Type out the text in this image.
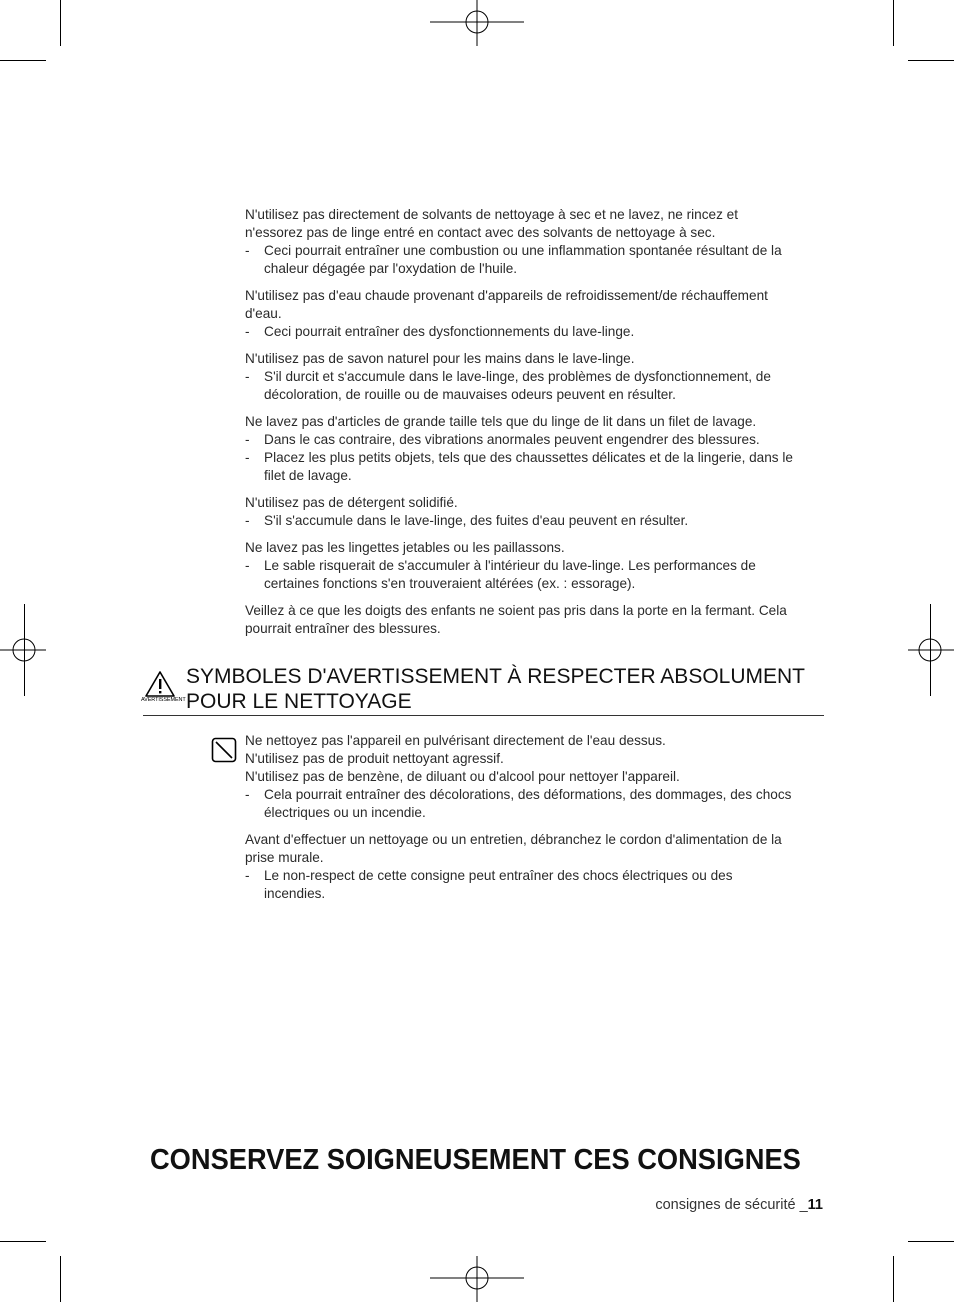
N'utilisez pas directement de solvants de nettoyage à sec et ne lavez, ne rincez et
n'essorez pas de linge entré en contact avec des solvants de nettoyage à sec.
-	Ceci pourrait entraîner une combustion ou une inflammation spontanée résultant de la
chaleur dégagée par l'oxydation de l'huile.
N'utilisez pas d'eau chaude provenant d'appareils de refroidissement/de réchauffement
d'eau.
-	Ceci pourrait entraîner des dysfonctionnements du lave-linge.
N'utilisez pas de savon naturel pour les mains dans le lave-linge.
-	S'il durcit et s'accumule dans le lave-linge, des problèmes de dysfonctionnement, de
décoloration, de rouille ou de mauvaises odeurs peuvent en résulter.
Ne lavez pas d'articles de grande taille tels que du linge de lit dans un filet de lavage.
-	Dans le cas contraire, des vibrations anormales peuvent engendrer des blessures.
-	Placez les plus petits objets, tels que des chaussettes délicates et de la lingerie, dans le
filet de lavage.
N'utilisez pas de détergent solidifié.
-	S'il s'accumule dans le lave-linge, des fuites d'eau peuvent en résulter.
Ne lavez pas les lingettes jetables ou les paillassons.
-	Le sable risquerait de s'accumuler à l'intérieur du lave-linge. Les performances de
certaines fonctions s'en trouveraient altérées (ex. : essorage).
Veillez à ce que les doigts des enfants ne soient pas pris dans la porte en la fermant. Cela
pourrait entraîner des blessures.
AVERTISSEMENT
SYMBOLES D'AVERTISSEMENT À RESPECTER ABSOLUMENT
POUR LE NETTOYAGE
Ne nettoyez pas l'appareil en pulvérisant directement de l'eau dessus.
N'utilisez pas de produit nettoyant agressif.
N'utilisez pas de benzène, de diluant ou d'alcool pour nettoyer l'appareil.
-	Cela pourrait entraîner des décolorations, des déformations, des dommages, des chocs
électriques ou un incendie.
Avant d'effectuer un nettoyage ou un entretien, débranchez le cordon d'alimentation de la
prise murale.
-	Le non-respect de cette consigne peut entraîner des chocs électriques ou des
incendies.
CONSERVEZ SOIGNEUSEMENT CES CONSIGNES
consignes de sécurité _11
